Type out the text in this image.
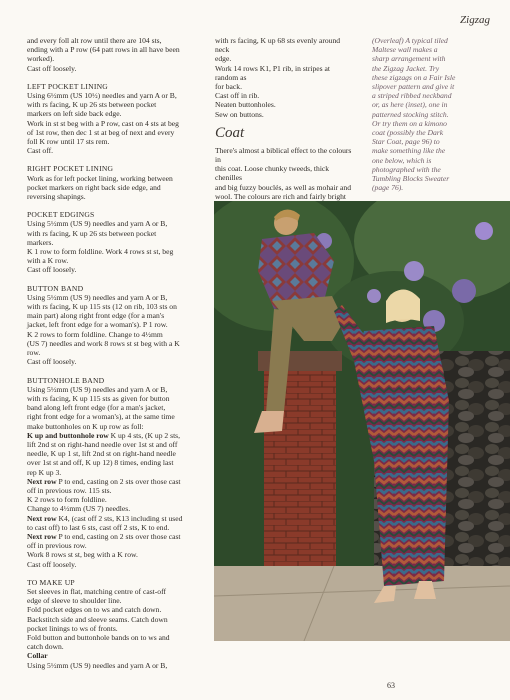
Zigzag

and every foll alt row until there are 104 sts,

ending with a P row (64 patt rows in all have been

worked).

Cast off loosely.

LEFT POCKET LINING

Using 6½mm (US 10½) needles and yarn A or B,

with rs facing, K up 26 sts between pocket

markers on left side back edge.

Work in st st beg with a P row, cast on 4 sts at beg

of 1st row, then dec 1 st at beg of next and every

foll K row until 17 sts rem.

Cast off.

RIGHT POCKET LINING

Work as for left pocket lining, working between

pocket markers on right back side edge, and

reversing shapings.

POCKET EDGINGS

Using 5½mm (US 9) needles and yarn A or B,

with rs facing, K up 26 sts between pocket

markers.

K 1 row to form foldline. Work 4 rows st st, beg

with a K row.

Cast off loosely.

BUTTON BAND

Using 5½mm (US 9) needles and yarn A or B,

with rs facing, K up 115 sts (12 on rib, 103 sts on

main part) along right front edge (for a man's

jacket, left front edge for a woman's). P 1 row.

K 2 rows to form foldline. Change to 4½mm

(US 7) needles and work 8 rows st st beg with a K

row.

Cast off loosely.

BUTTONHOLE BAND

Using 5½mm (US 9) needles and yarn A or B,

with rs facing, K up 115 sts as given for button

band along left front edge (for a man's jacket,

right front edge for a woman's), at the same time

make buttonholes on K up row as foll:

K up and buttonhole row K up 4 sts, (K up 2 sts,

lift 2nd st on right-hand needle over 1st st and off

needle, K up 1 st, lift 2nd st on right-hand needle

over 1st st and off, K up 12) 8 times, ending last

rep K up 3.

Next row P to end, casting on 2 sts over those cast

off in previous row. 115 sts.

K 2 rows to form foldline.

Change to 4½mm (US 7) needles.

Next row K4, (cast off 2 sts, K13 including st used

to cast off) to last 6 sts, cast off 2 sts, K to end.

Next row P to end, casting on 2 sts over those cast

off in previous row.

Work 8 rows st st, beg with a K row.

Cast off loosely.

TO MAKE UP

Set sleeves in flat, matching centre of cast-off

edge of sleeve to shoulder line.

Fold pocket edges on to ws and catch down.

Backstitch side and sleeve seams. Catch down

pocket linings to ws of fronts.

Fold button and buttonhole bands on to ws and

catch down.

Collar

Using 5½mm (US 9) needles and yarn A or B,

with rs facing, K up 68 sts evenly around neck

edge.

Work 14 rows K1, P1 rib, in stripes at random as

for back.

Cast off in rib.

Neaten buttonholes.

Sew on buttons.

Coat

There's almost a biblical effect to the colours in

this coat. Loose chunky tweeds, thick chenilles

and big fuzzy bouclés, as well as mohair and

wool. The colours are rich and fairly bright

(Overleaf) A typical tiled

Maltese wall makes a

sharp arrangement with

the Zigzag Jacket. Try

these zigzags on a Fair Isle

slipover pattern and give it

a striped ribbed neckband

or, as here (inset), one in

patterned stocking stitch.

Or try them on a kimono

coat (possibly the Dark

Star Coat, page 96) to

make something like the

one below, which is

photographed with the

Tumbling Blocks Sweater

(page 76).

63
